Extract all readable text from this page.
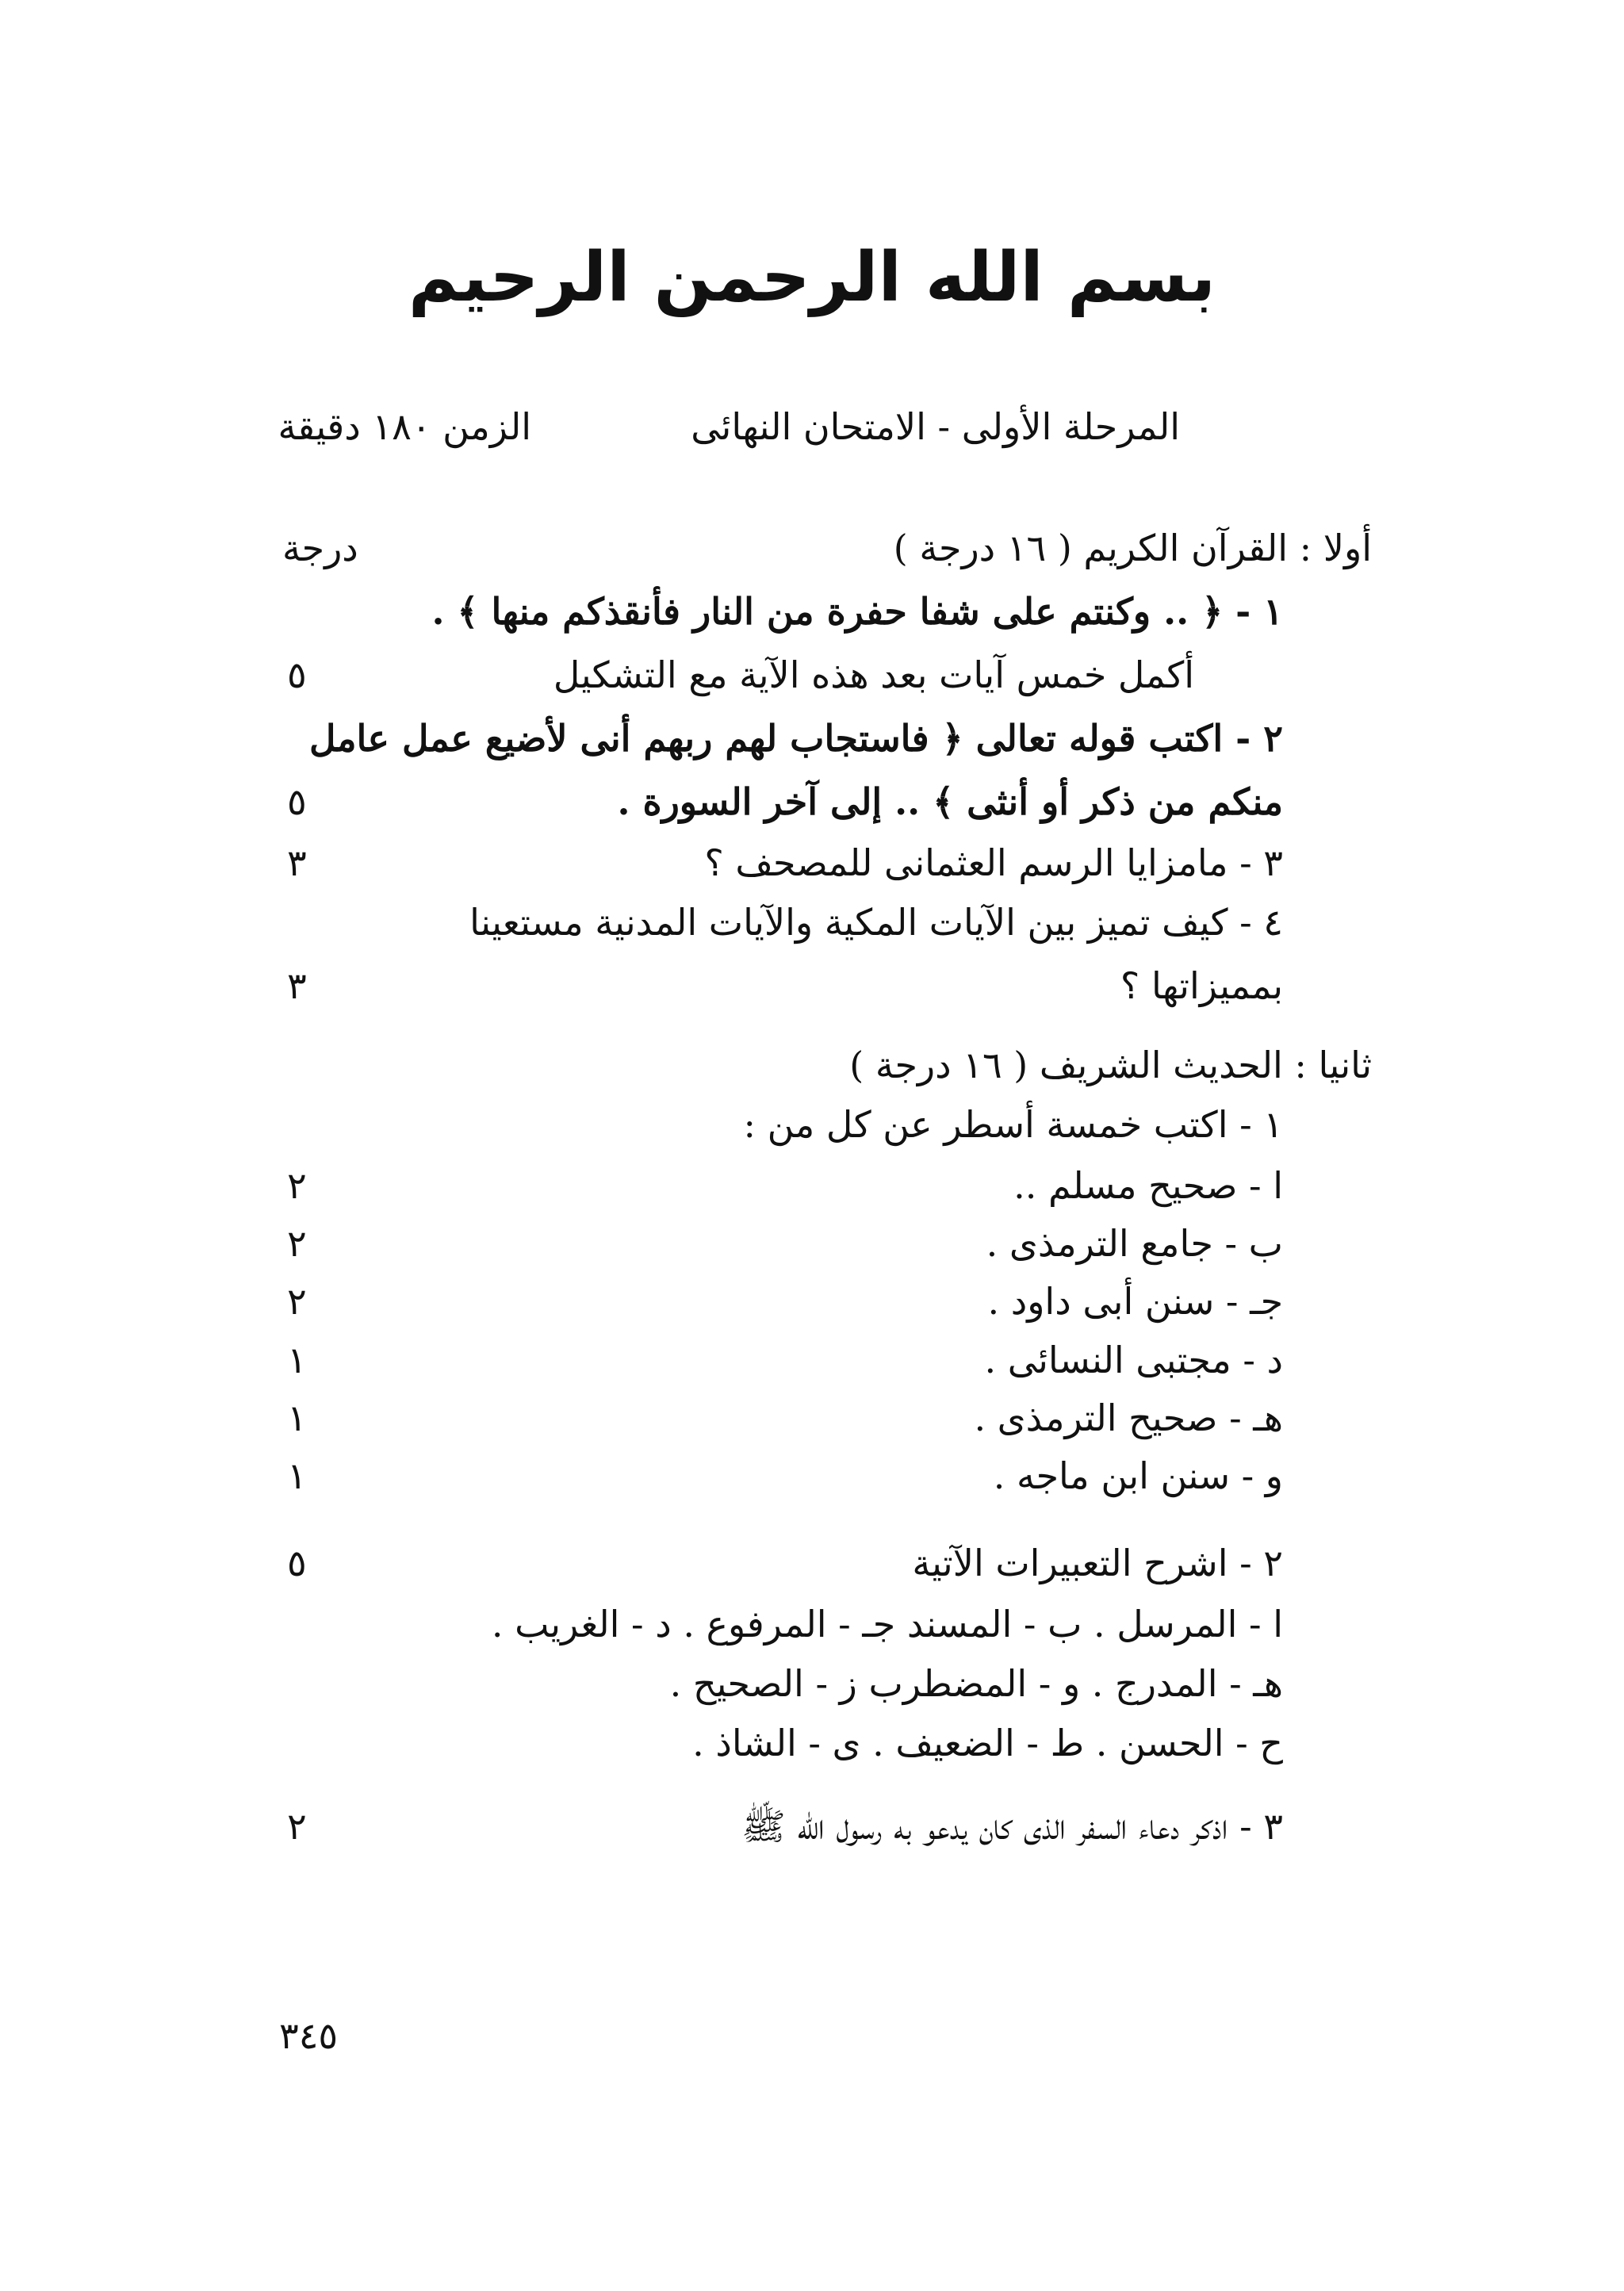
بسم الله الرحمن الرحيم
المرحلة الأولى - الامتحان النهائى
الزمن ١٨٠ دقيقة
أولا : القرآن الكريم ( ١٦ درجة )
درجة
١ - ﴿ .. وكنتم على شفا حفرة من النار فأنقذكم منها ﴾ .
أكمل خمس آيات بعد هذه الآية مع التشكيل
٥
٢ - اكتب قوله تعالى ﴿ فاستجاب لهم ربهم أنى لأضيع عمل عامل
منكم من ذكر أو أنثى ﴾ .. إلى آخر السورة .
٥
٣ - مامزايا الرسم العثمانى للمصحف ؟
٣
٤ - كيف تميز بين الآيات المكية والآيات المدنية مستعينا
بمميزاتها ؟
٣
ثانيا : الحديث الشريف ( ١٦ درجة )
١ - اكتب خمسة أسطر عن كل من :
ا - صحيح مسلم ..
٢
ب - جامع الترمذى .
٢
جـ - سنن أبى داود .
٢
د - مجتبى النسائى .
١
هـ - صحيح الترمذى .
١
و - سنن ابن ماجه .
١
٢ - اشرح التعبيرات الآتية
٥
ا - المرسل . ب - المسند جـ - المرفوع . د - الغريب .
هـ - المدرج . و - المضطرب ز - الصحيح .
ح - الحسن . ط - الضعيف . ى - الشاذ .
٣ - اذكر دعاء السفر الذى كان يدعو به رسول الله ﷺ
٢
٣٤٥
